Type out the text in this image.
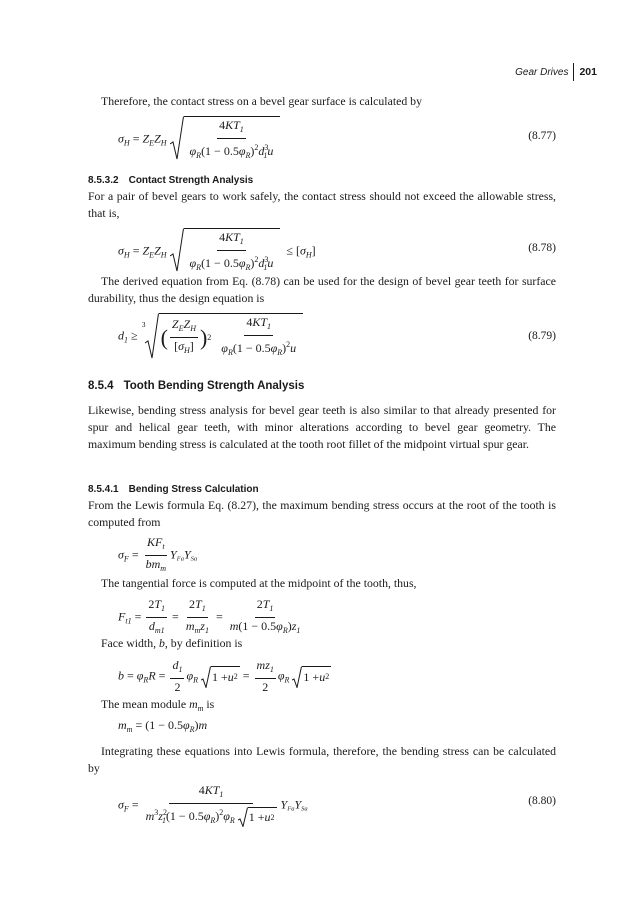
Gear Drives 201

Therefore, the contact stress on a bevel gear surface is calculated by

$\sigma_H = Z_EZ_H \frac{4KT_1}{\varphi_R(1 - 0.5\varphi_R)^2d^3_1u}$	(8.77)
8.5.3.2 Contact Strength Analysis

For a pair of bevel gears to work safely, the contact stress should not exceed the allowable stress, that is,

$\sigma_H = Z_EZ_H \frac{4KT_1}{\varphi_R(1 - 0.5\varphi_R)^2d^3_1u} \le [\sigma_H]$	(8.78)

The derived equation from Eq. (8.78) can be used for the design of bevel gear teeth for surface durability, thus the design equation is

$d_1$ ≥
3 ( $\frac{Z_EZ_H}{[\sigma_H]}$ ) $2 \frac{4KT_1}{\varphi_R(1 - 0.5\varphi_R)^2u}$	(8.79)
8.5.4 Tooth Bending Strength Analysis

Likewise, bending stress analysis for bevel gear teeth is also similar to that already presented for spur and helical gear teeth, with minor alterations according to bevel gear geometry. The maximum bending stress is calculated at the tooth root fillet of the midpoint virtual spur gear.

8.5.4.1 Bending Stress Calculation

From the Lewis formula Eq. (8.27), the maximum bending stress occurs at the root of the tooth is computed from

$\sigma_F = \frac{KF_t}{bm_m}$ YFaYSa

The tangential force is computed at the midpoint of the tooth, thus,

$F_{t1} = \frac{2T_1}{d_{m1}} = \frac{2T_1}{m_mz_1} = \frac{2T_1}{m(1 - 0.5\varphi_R)z_1}$

Face width, b, by definition is

$b = \varphi_RR = \frac{d_1}{2} \varphi_R$ 1 + u $2 = \frac{mz_1}{2} \varphi_R$ 1 + u 2

The mean module $m_m$ is

$m_m = (1 - 0.5\varphi_R)m$

Integrating these equations into Lewis formula, therefore, the bending stress can be calculated by

$\sigma_F = \frac{4KT_1}{m^3z^2_1(1 - 0.5\varphi_R)^2\varphi_R 1 + u 2}$ YFaYSa
(8.80)
